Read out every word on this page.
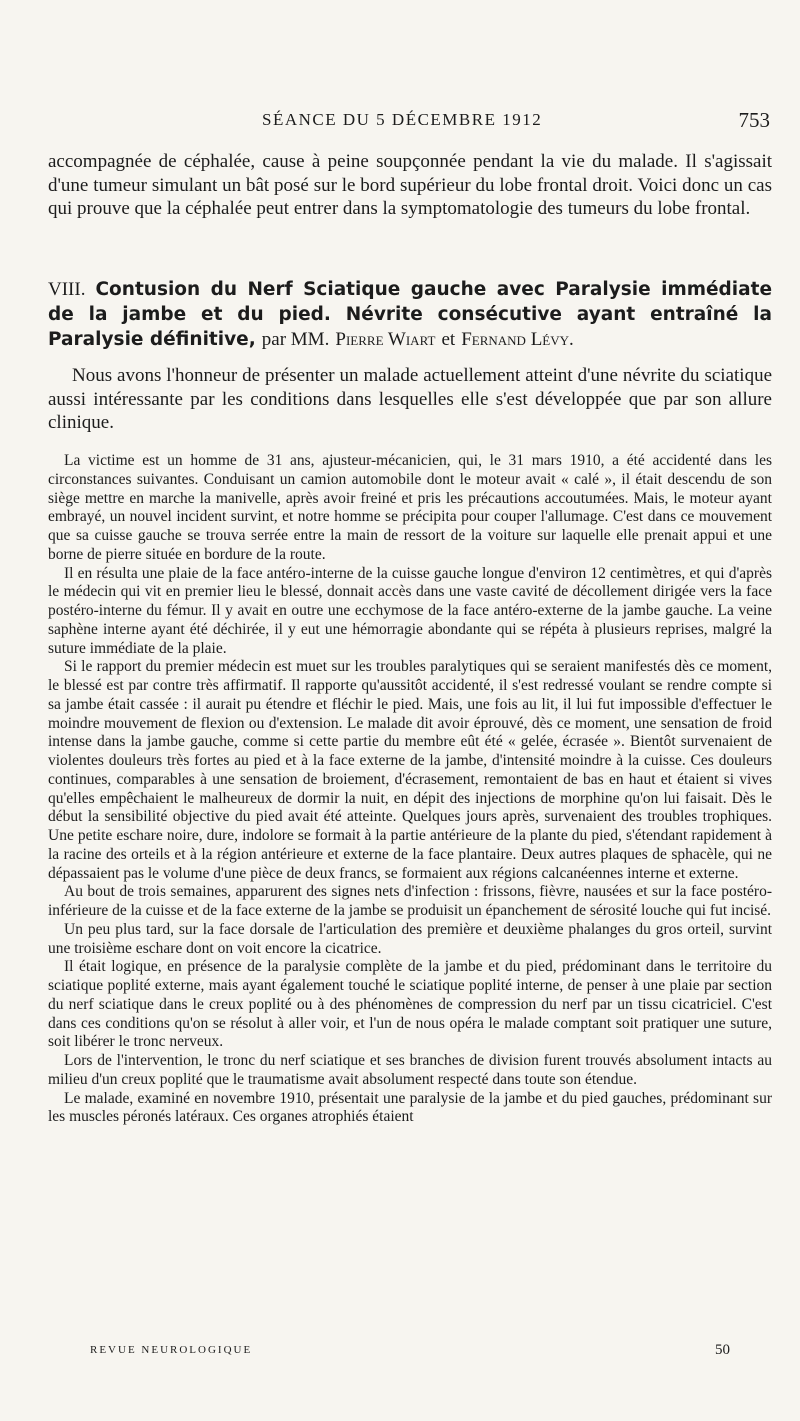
SÉANCE DU 5 DÉCEMBRE 1912	753

accompagnée de céphalée, cause à peine soupçonnée pendant la vie du malade. Il s'agissait d'une tumeur simulant un bât posé sur le bord supérieur du lobe frontal droit. Voici donc un cas qui prouve que la céphalée peut entrer dans la symptomatologie des tumeurs du lobe frontal.

VIII. Contusion du Nerf Sciatique gauche avec Paralysie immédiate de la jambe et du pied. Névrite consécutive ayant entraîné la Paralysie définitive, par MM. Pierre Wiart et Fernand Lévy.

Nous avons l'honneur de présenter un malade actuellement atteint d'une névrite du sciatique aussi intéressante par les conditions dans lesquelles elle s'est développée que par son allure clinique.

La victime est un homme de 31 ans, ajusteur-mécanicien, qui, le 31 mars 1910, a été accidenté dans les circonstances suivantes. Conduisant un camion automobile dont le moteur avait « calé », il était descendu de son siège mettre en marche la manivelle, après avoir freiné et pris les précautions accoutumées. Mais, le moteur ayant embrayé, un nouvel incident survint, et notre homme se précipita pour couper l'allumage. C'est dans ce mouvement que sa cuisse gauche se trouva serrée entre la main de ressort de la voiture sur laquelle elle prenait appui et une borne de pierre située en bordure de la route.

Il en résulta une plaie de la face antéro-interne de la cuisse gauche longue d'environ 12 centimètres, et qui d'après le médecin qui vit en premier lieu le blessé, donnait accès dans une vaste cavité de décollement dirigée vers la face postéro-interne du fémur. Il y avait en outre une ecchymose de la face antéro-externe de la jambe gauche. La veine saphène interne ayant été déchirée, il y eut une hémorragie abondante qui se répéta à plusieurs reprises, malgré la suture immédiate de la plaie.

Si le rapport du premier médecin est muet sur les troubles paralytiques qui se seraient manifestés dès ce moment, le blessé est par contre très affirmatif. Il rapporte qu'aussitôt accidenté, il s'est redressé voulant se rendre compte si sa jambe était cassée : il aurait pu étendre et fléchir le pied. Mais, une fois au lit, il lui fut impossible d'effectuer le moindre mouvement de flexion ou d'extension. Le malade dit avoir éprouvé, dès ce moment, une sensation de froid intense dans la jambe gauche, comme si cette partie du membre eût été « gelée, écrasée ». Bientôt survenaient de violentes douleurs très fortes au pied et à la face externe de la jambe, d'intensité moindre à la cuisse. Ces douleurs continues, comparables à une sensation de broiement, d'écrasement, remontaient de bas en haut et étaient si vives qu'elles empêchaient le malheureux de dormir la nuit, en dépit des injections de morphine qu'on lui faisait. Dès le début la sensibilité objective du pied avait été atteinte. Quelques jours après, survenaient des troubles trophiques. Une petite eschare noire, dure, indolore se formait à la partie antérieure de la plante du pied, s'étendant rapidement à la racine des orteils et à la région antérieure et externe de la face plantaire. Deux autres plaques de sphacèle, qui ne dépassaient pas le volume d'une pièce de deux francs, se formaient aux régions calcanéennes interne et externe.

Au bout de trois semaines, apparurent des signes nets d'infection : frissons, fièvre, nausées et sur la face postéro-inférieure de la cuisse et de la face externe de la jambe se produisit un épanchement de sérosité louche qui fut incisé.

Un peu plus tard, sur la face dorsale de l'articulation des première et deuxième phalanges du gros orteil, survint une troisième eschare dont on voit encore la cicatrice.

Il était logique, en présence de la paralysie complète de la jambe et du pied, prédominant dans le territoire du sciatique poplité externe, mais ayant également touché le sciatique poplité interne, de penser à une plaie par section du nerf sciatique dans le creux poplité ou à des phénomènes de compression du nerf par un tissu cicatriciel. C'est dans ces conditions qu'on se résolut à aller voir, et l'un de nous opéra le malade comptant soit pratiquer une suture, soit libérer le tronc nerveux.

Lors de l'intervention, le tronc du nerf sciatique et ses branches de division furent trouvés absolument intacts au milieu d'un creux poplité que le traumatisme avait absolument respecté dans toute son étendue.

Le malade, examiné en novembre 1910, présentait une paralysie de la jambe et du pied gauches, prédominant sur les muscles péronés latéraux. Ces organes atrophiés étaient

REVUE NEUROLOGIQUE	50
